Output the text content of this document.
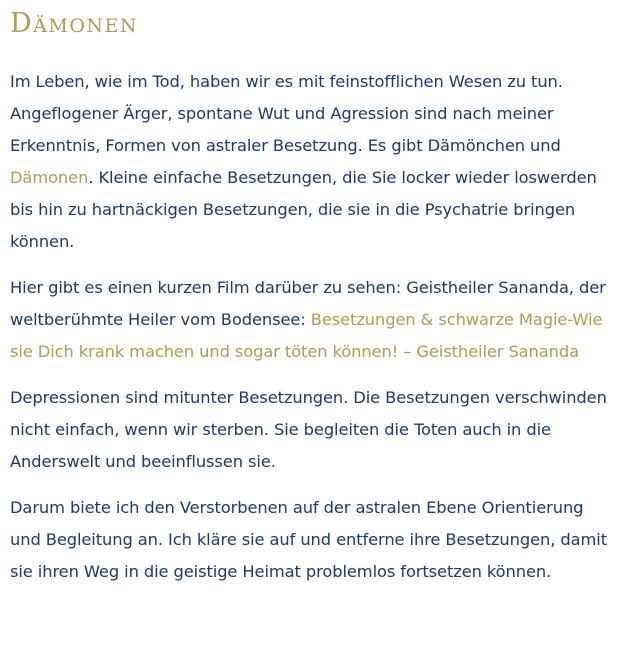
Dämonen

Im Leben, wie im Tod, haben wir es mit feinstofflichen Wesen zu tun. Angeflogener Ärger, spontane Wut und Agression sind nach meiner Erkenntnis, Formen von astraler Besetzung. Es gibt Dämönchen und Dämonen. Kleine einfache Besetzungen, die Sie locker wieder loswerden bis hin zu hartnäckigen Besetzungen, die sie in die Psychatrie bringen können.

Hier gibt es einen kurzen Film darüber zu sehen: Geistheiler Sananda, der weltberühmte Heiler vom Bodensee: Besetzungen & schwarze Magie-Wie sie Dich krank machen und sogar töten können! – Geistheiler Sananda

Depressionen sind mitunter Besetzungen. Die Besetzungen verschwinden nicht einfach, wenn wir sterben. Sie begleiten die Toten auch in die Anderswelt und beeinflussen sie.

Darum biete ich den Verstorbenen auf der astralen Ebene Orientierung und Begleitung an. Ich kläre sie auf und entferne ihre Besetzungen, damit sie ihren Weg in die geistige Heimat problemlos fortsetzen können.
